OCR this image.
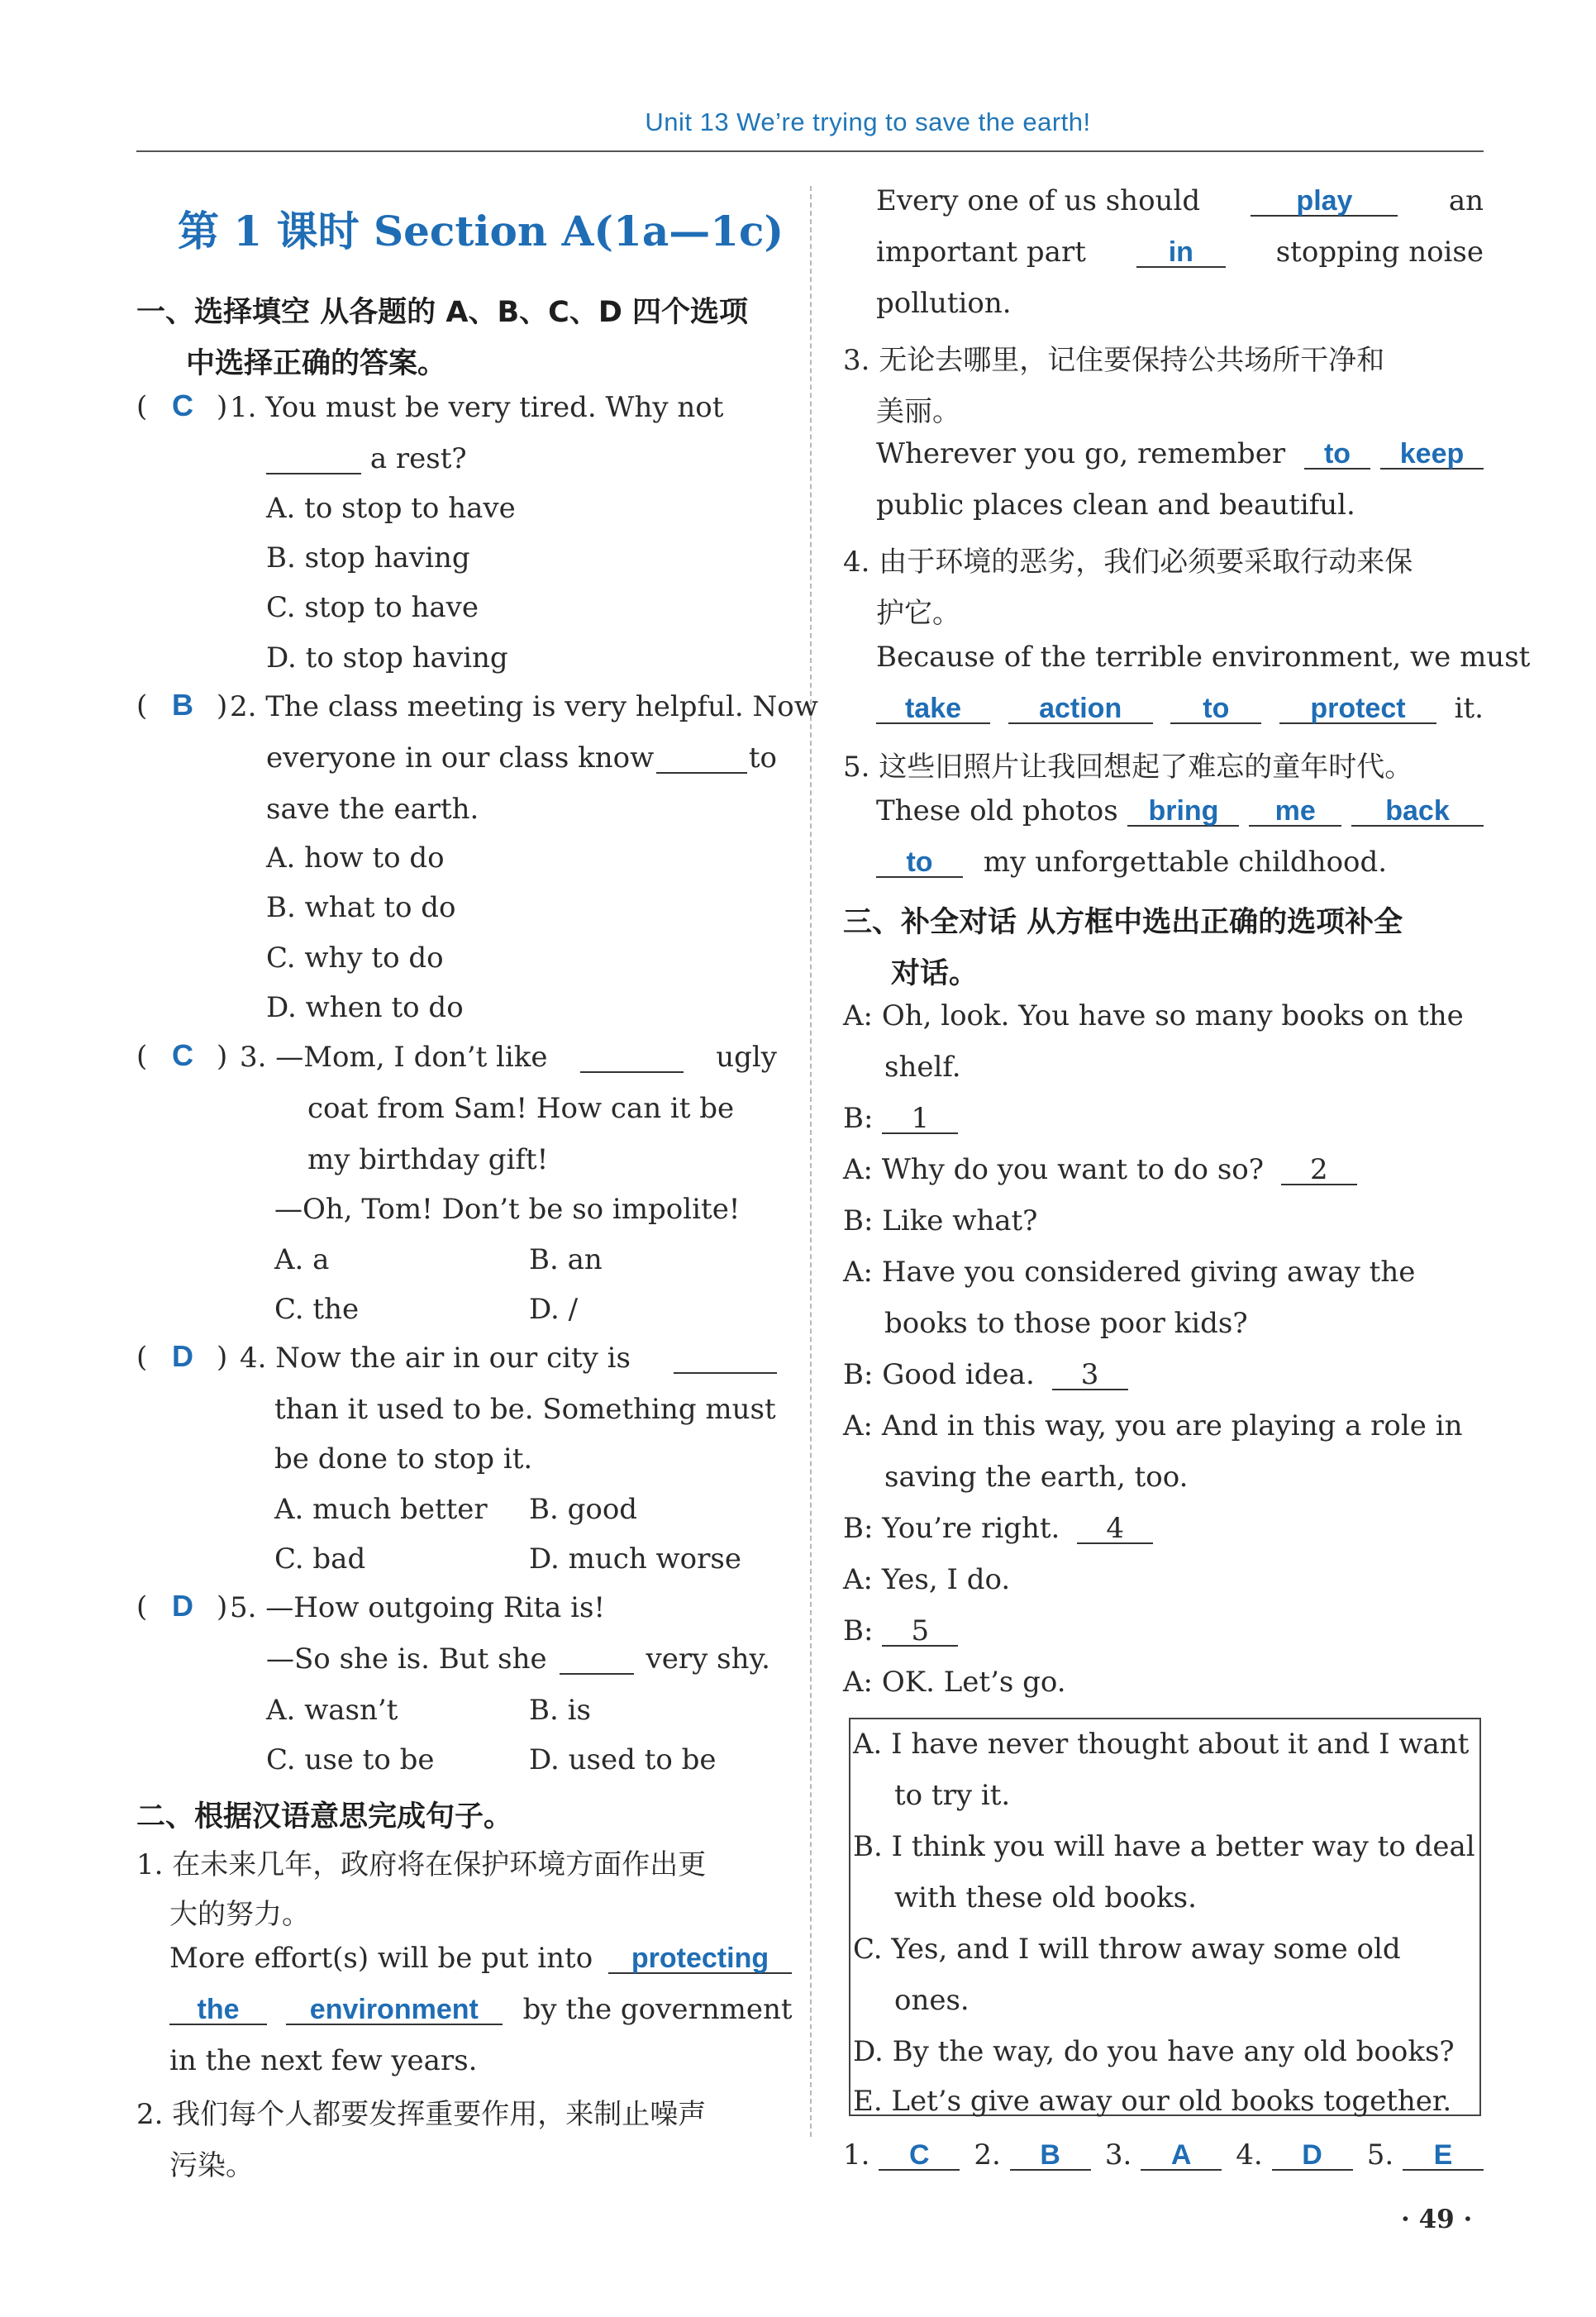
Unit 13 We’re trying to save the earth!
第 1 课时 Section A(1a—1c)
一、选择填空 从各题的 A、B、C、D 四个选项
中选择正确的答案。
( C ) 1. You must be very tired. Why not
a rest?
A. to stop to have
B. stop having
C. stop to have
D. to stop having
( B ) 2. The class meeting is very helpful. Now
everyone in our class know
	to
save the earth.
A. how to do
B. what to do
C. why to do
D. when to do
( C ) 3. —Mom, I don’t like
	ugly
coat from Sam! How can it be
my birthday gift!
—Oh, Tom! Don’t be so impolite!
A. a	B. an
C. the	D. /
( D ) 4. Now the air in our city is

than it used to be. Something must
be done to stop it.
A. much better B. good
C. bad	D. much worse
( D ) 5. —How outgoing Rita is!
—So she is. But she
	very shy.
A. wasn’t	B. is
C. use to be	D. used to be
二、根据汉语意思完成句子。
1. 在未来几年，政府将在保护环境方面作出更
大的努力。
More effort(s) will be put into protecting
the	environment by the government
in the next few years.
2. 我们每个人都要发挥重要作用，来制止噪声
污染。
Every one of us should	play	an
important part	in	stopping noise
pollution.
3. 无论去哪里，记住要保持公共场所干净和
美丽。
Wherever you go, remember	to	keep
public places clean and beautiful.
4. 由于环境的恶劣，我们必须要采取行动来保
护它。
Because of the terrible environment, we must
take	action	to	protect	it.
5. 这些旧照片让我回想起了难忘的童年时代。
These old photos	bring	me	back
to my unforgettable childhood.
三、补全对话 从方框中选出正确的选项补全
对话。
A: Oh, look. You have so many books on the
shelf.
B: 1
A: Why do you want to do so? 2
B: Like what?
A: Have you considered giving away the
books to those poor kids?
B: Good idea. 3
A: And in this way, you are playing a role in
saving the earth, too.
B: You’re right. 4
A: Yes, I do.
B: 5
A: OK. Let’s go.
A. I have never thought about it and I want
to try it.
B. I think you will have a better way to deal
with these old books.
C. Yes, and I will throw away some old
ones.
D. By the way, do you have any old books?
E. Let’s give away our old books together.
1. C	2. B	3. A	4. D	5. E
· 49 ·
